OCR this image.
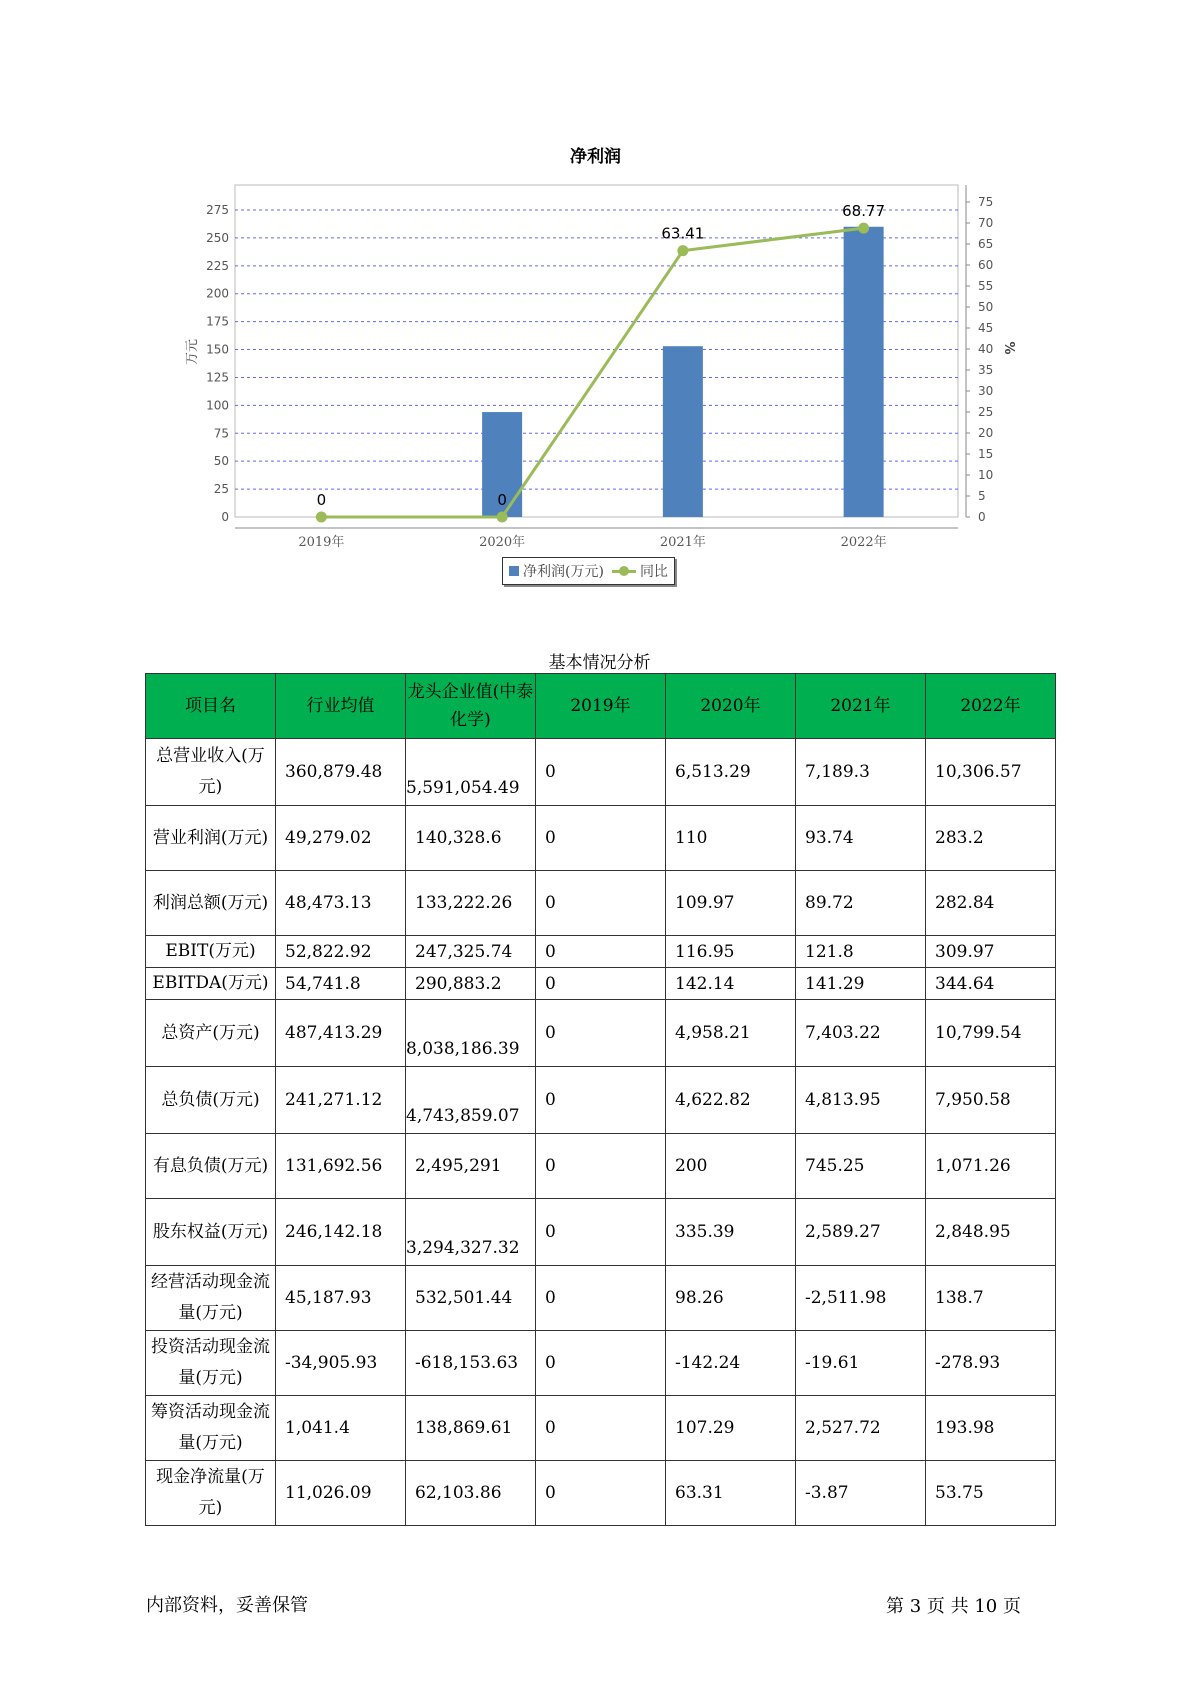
净利润
0
25
50
75
100
125
150
175
200
225
250
275
0
5
10
15
20
25
30
35
40
45
50
55
60
65
70
75
万元	%
2019年	2020年	2021年	2022年
0	0
63.41
68.77
净利润(万元)	同比
基本情况分析
项目名	行业均值	龙头企业值(中泰化学)	2019年	2020年	2021年	2022年
总营业收入(万元)	360,879.48	5,591,054.49	0	6,513.29	7,189.3	10,306.57
营业利润(万元)	49,279.02	140,328.6	0	110	93.74	283.2
利润总额(万元)	48,473.13	133,222.26	0	109.97	89.72	282.84
EBIT(万元)	52,822.92	247,325.74	0	116.95	121.8	309.97
EBITDA(万元)	54,741.8	290,883.2	0	142.14	141.29	344.64
总资产(万元)	487,413.29	8,038,186.39	0	4,958.21	7,403.22	10,799.54
总负债(万元)	241,271.12	4,743,859.07	0	4,622.82	4,813.95	7,950.58
有息负债(万元)	131,692.56	2,495,291	0	200	745.25	1,071.26
股东权益(万元)	246,142.18	3,294,327.32	0	335.39	2,589.27	2,848.95
经营活动现金流量(万元)	45,187.93	532,501.44	0	98.26	-2,511.98	138.7
投资活动现金流量(万元)	-34,905.93	-618,153.63	0	-142.24	-19.61	-278.93
筹资活动现金流量(万元)	1,041.4	138,869.61	0	107.29	2,527.72	193.98
现金净流量(万元)	11,026.09	62,103.86	0	63.31	-3.87	53.75
内部资料，妥善保管	第 3 页 共 10 页
